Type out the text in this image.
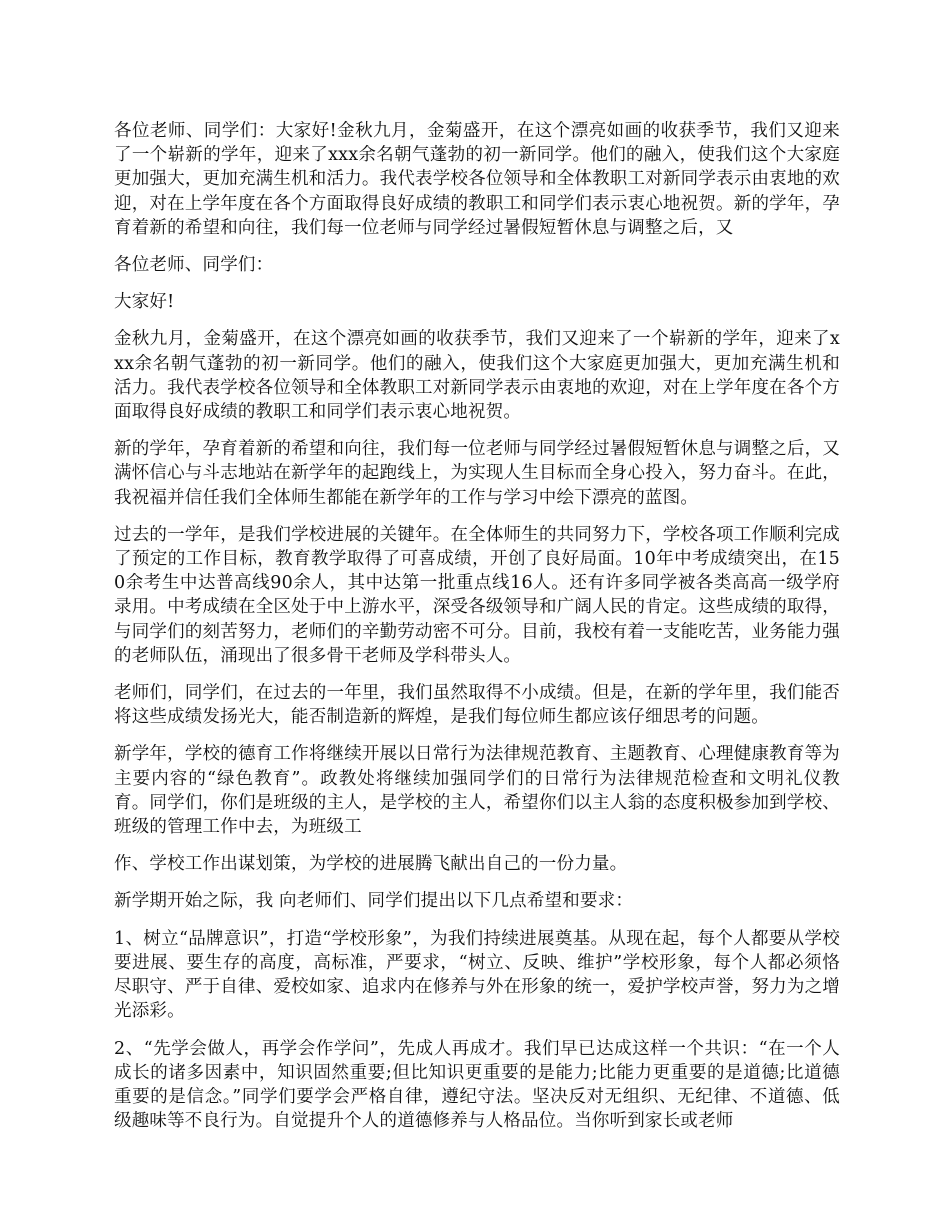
各位老师、同学们：大家好!金秋九月，金菊盛开，在这个漂亮如画的收获季节，我们又迎来了一个崭新的学年，迎来了xxx余名朝气蓬勃的初一新同学。他们的融入，使我们这个大家庭更加强大，更加充满生机和活力。我代表学校各位领导和全体教职工对新同学表示由衷地的欢迎，对在上学年度在各个方面取得良好成绩的教职工和同学们表示衷心地祝贺。新的学年，孕育着新的希望和向往，我们每一位老师与同学经过暑假短暂休息与调整之后，又

各位老师、同学们：

大家好!

金秋九月，金菊盛开，在这个漂亮如画的收获季节，我们又迎来了一个崭新的学年，迎来了xxx余名朝气蓬勃的初一新同学。他们的融入，使我们这个大家庭更加强大，更加充满生机和活力。我代表学校各位领导和全体教职工对新同学表示由衷地的欢迎，对在上学年度在各个方面取得良好成绩的教职工和同学们表示衷心地祝贺。

新的学年，孕育着新的希望和向往，我们每一位老师与同学经过暑假短暂休息与调整之后，又满怀信心与斗志地站在新学年的起跑线上，为实现人生目标而全身心投入，努力奋斗。在此，我祝福并信任我们全体师生都能在新学年的工作与学习中绘下漂亮的蓝图。

过去的一学年，是我们学校进展的关键年。在全体师生的共同努力下，学校各项工作顺利完成了预定的工作目标，教育教学取得了可喜成绩，开创了良好局面。10年中考成绩突出，在150余考生中达普高线90余人，其中达第一批重点线16人。还有许多同学被各类高高一级学府录用。中考成绩在全区处于中上游水平，深受各级领导和广阔人民的肯定。这些成绩的取得，与同学们的刻苦努力，老师们的辛勤劳动密不可分。目前，我校有着一支能吃苦，业务能力强的老师队伍，涌现出了很多骨干老师及学科带头人。

老师们，同学们，在过去的一年里，我们虽然取得不小成绩。但是，在新的学年里，我们能否将这些成绩发扬光大，能否制造新的辉煌，是我们每位师生都应该仔细思考的问题。

新学年，学校的德育工作将继续开展以日常行为法律规范教育、主题教育、心理健康教育等为主要内容的“绿色教育”。政教处将继续加强同学们的日常行为法律规范检查和文明礼仪教育。同学们，你们是班级的主人，是学校的主人，希望你们以主人翁的态度积极参加到学校、班级的管理工作中去，为班级工

作、学校工作出谋划策，为学校的进展腾飞献出自己的一份力量。

新学期开始之际，我 向老师们、同学们提出以下几点希望和要求：

1、树立“品牌意识”，打造“学校形象”，为我们持续进展奠基。从现在起，每个人都要从学校要进展、要生存的高度，高标准，严要求，“树立、反映、维护”学校形象，每个人都必须恪尽职守、严于自律、爱校如家、追求内在修养与外在形象的统一，爱护学校声誉，努力为之增光添彩。

2、“先学会做人，再学会作学问”，先成人再成才。我们早已达成这样一个共识：“在一个人成长的诸多因素中，知识固然重要;但比知识更重要的是能力;比能力更重要的是道德;比道德重要的是信念。”同学们要学会严格自律，遵纪守法。坚决反对无组织、无纪律、不道德、低级趣味等不良行为。自觉提升个人的道德修养与人格品位。当你听到家长或老师
